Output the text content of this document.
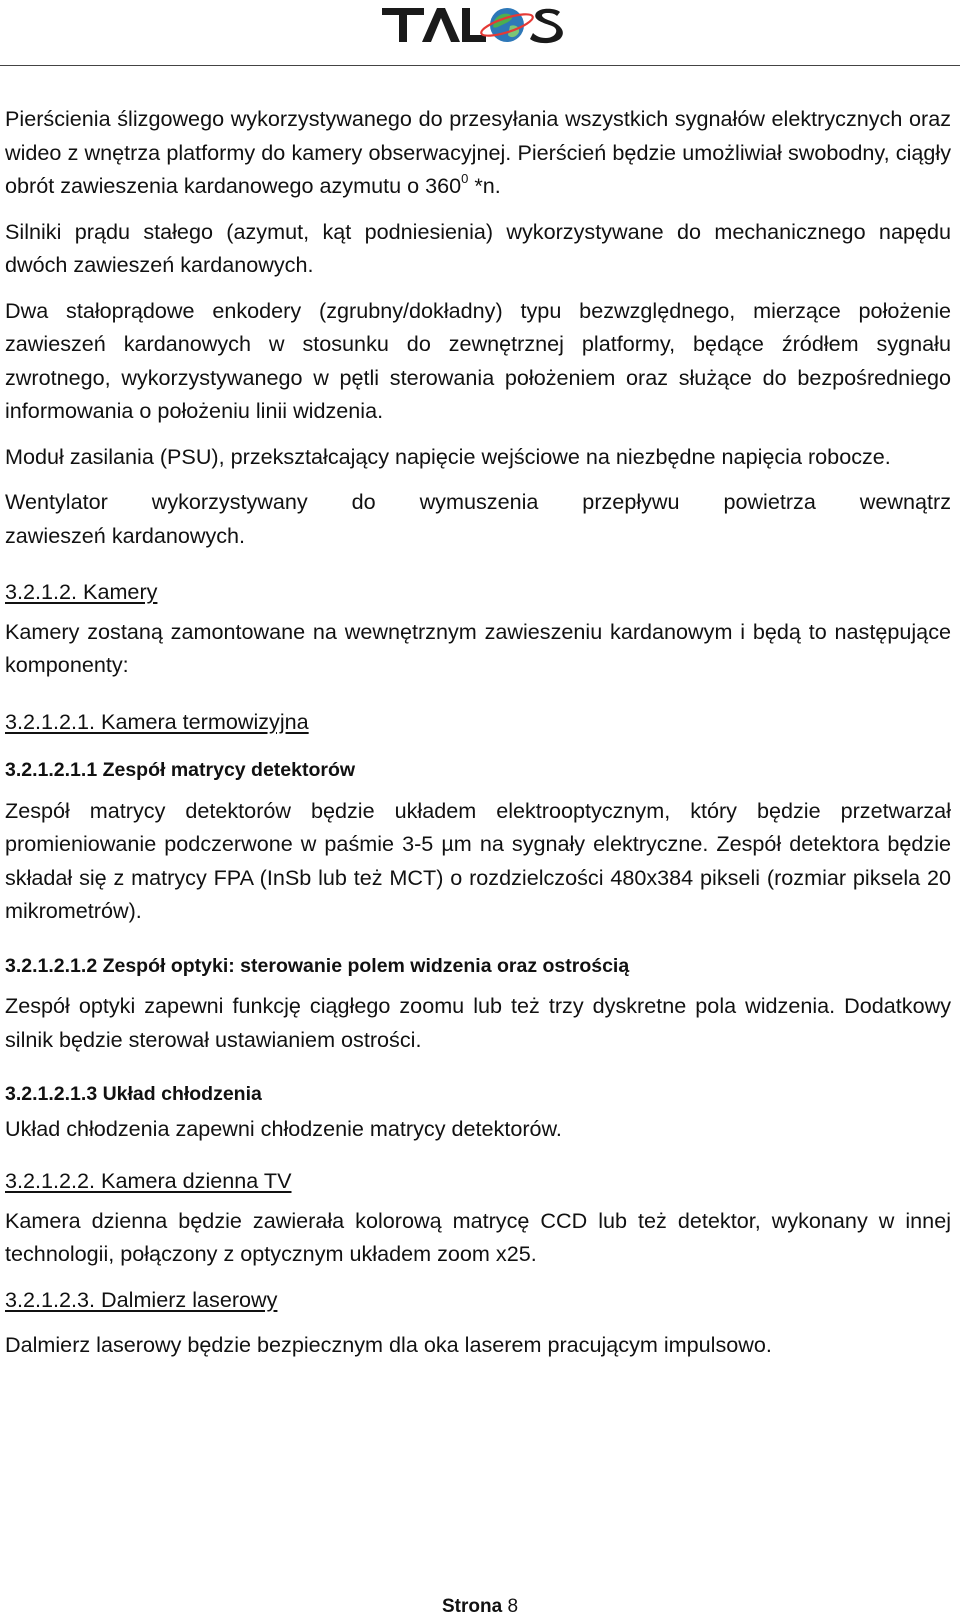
Pierścienia ślizgowego wykorzystywanego do przesyłania wszystkich sygnałów elektrycznych oraz wideo z wnętrza platformy do kamery obserwacyjnej. Pierścień będzie umożliwiał swobodny, ciągły obrót zawieszenia kardanowego azymutu o $360^0$ *n.

Silniki prądu stałego (azymut, kąt podniesienia) wykorzystywane do mechanicznego napędu dwóch zawieszeń kardanowych.

Dwa stałoprądowe enkodery (zgrubny/dokładny) typu bezwzględnego, mierzące położenie zawieszeń kardanowych w stosunku do zewnętrznej platformy, będące źródłem sygnału zwrotnego, wykorzystywanego w pętli sterowania położeniem oraz służące do bezpośredniego informowania o położeniu linii widzenia.

Moduł zasilania (PSU), przekształcający napięcie wejściowe na niezbędne napięcia robocze.

Wentylator wykorzystywany do wymuszenia przepływu powietrza wewnątrz

zawieszeń kardanowych.

3.2.1.2. Kamery

Kamery zostaną zamontowane na wewnętrznym zawieszeniu kardanowym i będą to następujące komponenty:

3.2.1.2.1. Kamera termowizyjna

3.2.1.2.1.1 Zespół matrycy detektorów

Zespół matrycy detektorów będzie układem elektrooptycznym, który będzie przetwarzał promieniowanie podczerwone w paśmie 3-5 µm na sygnały elektryczne. Zespół detektora będzie składał się z matrycy FPA (InSb lub też MCT) o rozdzielczości 480x384 pikseli (rozmiar piksela 20 mikrometrów).

3.2.1.2.1.2 Zespół optyki: sterowanie polem widzenia oraz ostrością

Zespół optyki zapewni funkcję ciągłego zoomu lub też trzy dyskretne pola widzenia. Dodatkowy silnik będzie sterował ustawianiem ostrości.

3.2.1.2.1.3 Układ chłodzenia

Układ chłodzenia zapewni chłodzenie matrycy detektorów.

3.2.1.2.2. Kamera dzienna TV

Kamera dzienna będzie zawierała kolorową matrycę CCD lub też detektor, wykonany w innej technologii, połączony z optycznym układem zoom x25.

3.2.1.2.3. Dalmierz laserowy

Dalmierz laserowy będzie bezpiecznym dla oka laserem pracującym impulsowo.

Strona 8
